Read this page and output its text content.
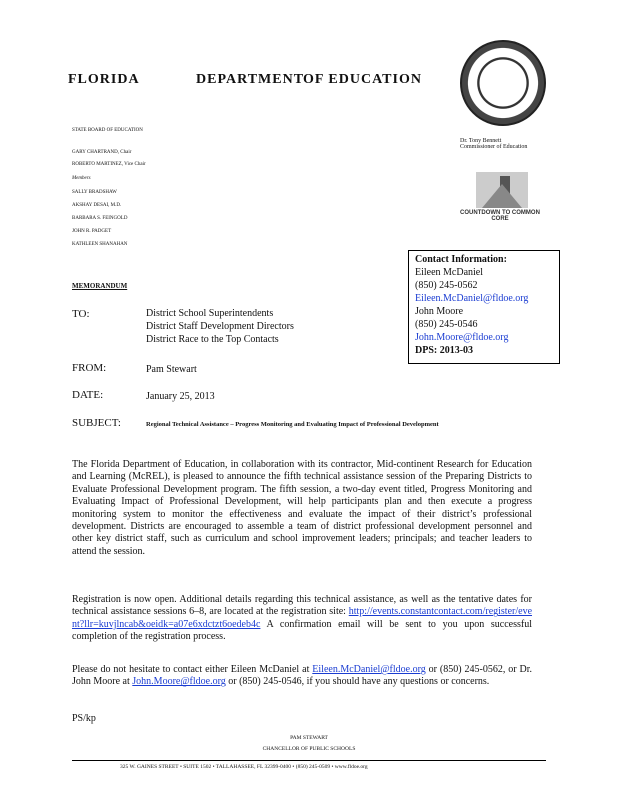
FLORIDA	DEPARTMENT
OF EDUCATION
STATE BOARD OF EDUCATION
GARY CHARTRAND, Chair
ROBERTO MARTINEZ, Vice Chair
Members
SALLY BRADSHAW
AKSHAY DESAI, M.D.
BARBARA S. FEINGOLD
JOHN R. PADGET
KATHLEEN SHANAHAN
Dr. Tony Bennett
Commissioner of Education
COUNTDOWN TO COMMON CORE
Contact Information:
Eileen McDaniel
(850) 245-0562
Eileen.McDaniel@fldoe.org
John Moore
(850) 245-0546
John.Moore@fldoe.org
DPS: 2013-03
MEMORANDUM
TO:	District School Superintendents
District Staff Development Directors
District Race to the Top Contacts
FROM:	Pam Stewart
DATE:	January 25, 2013
SUBJECT:	Regional Technical Assistance – Progress Monitoring and Evaluating Impact of Professional Development
The Florida Department of Education, in collaboration with its contractor, Mid-continent Research for Education and Learning (McREL), is pleased to announce the fifth technical assistance session of the Preparing Districts to Evaluate Professional Development program. The fifth session, a two-day event titled, Progress Monitoring and Evaluating Impact of Professional Development, will help participants plan and then execute a progress monitoring system to monitor the effectiveness and evaluate the impact of their district’s professional development. Districts are encouraged to assemble a team of district professional development personnel and other key district staff, such as curriculum and school improvement leaders; principals; and teacher leaders to attend the session.
Registration is now open. Additional details regarding this technical assistance, as well as the tentative dates for technical assistance sessions 6–8, are located at the registration site: http://events.constantcontact.com/register/event?llr=kuvjlncab&oeidk=a07e6xdctzt6oedeb4c A confirmation email will be sent to you upon successful completion of the registration process.
Please do not hesitate to contact either Eileen McDaniel at Eileen.McDaniel@fldoe.org or (850) 245-0562, or Dr. John Moore at John.Moore@fldoe.org or (850) 245-0546, if you should have any questions or concerns.
PS/kp
PAM STEWART
CHANCELLOR OF PUBLIC SCHOOLS
325 W. GAINES STREET • SUITE 1502 • TALLAHASSEE, FL 32399-0400 • (850) 245-0509 • www.fldoe.org
